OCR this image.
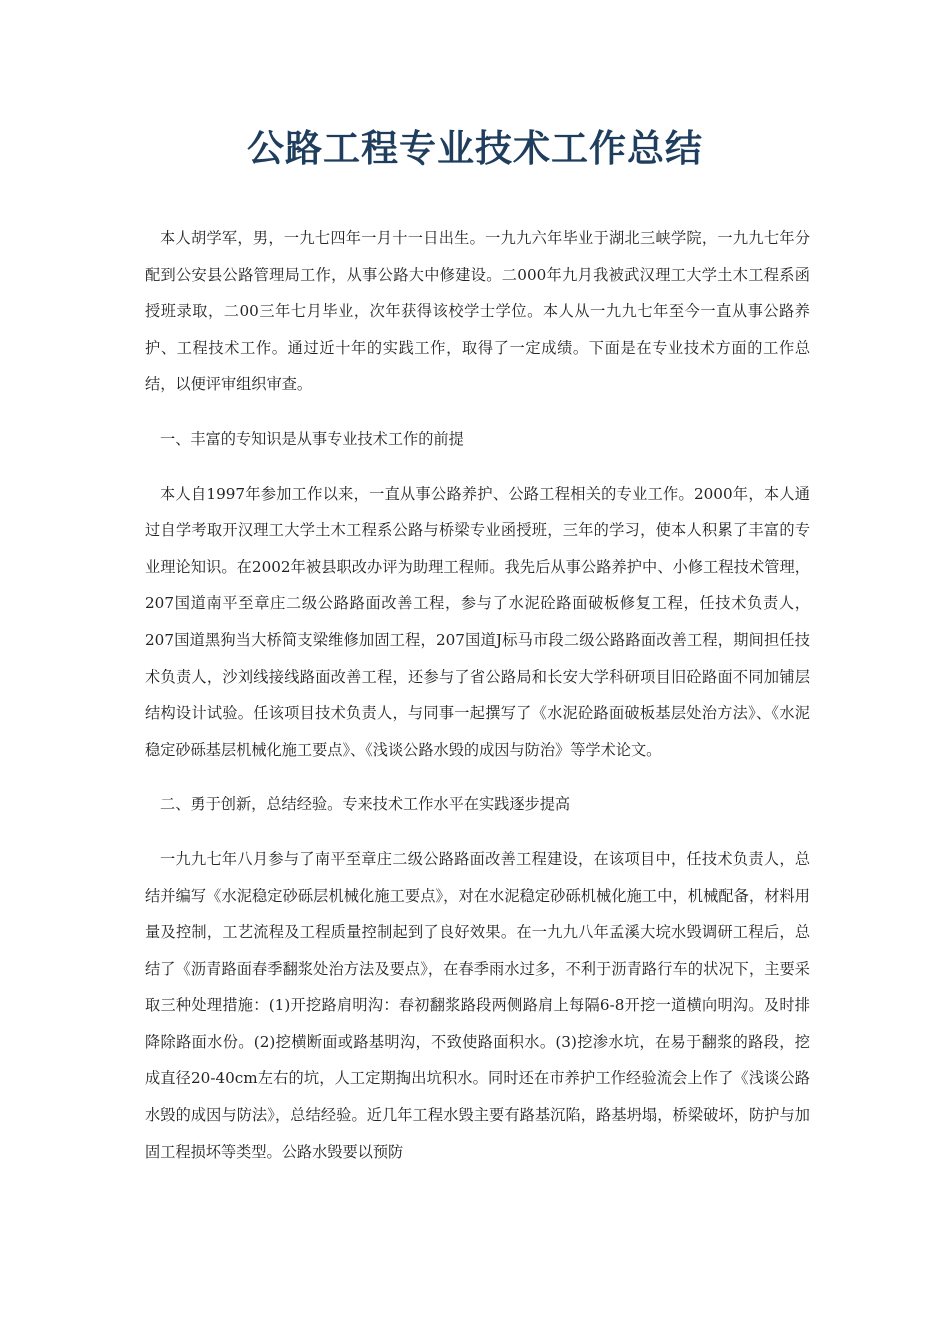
公路工程专业技术工作总结

本人胡学军，男，一九七四年一月十一日出生。一九九六年毕业于湖北三峡学院，一九九七年分配到公安县公路管理局工作，从事公路大中修建设。二000年九月我被武汉理工大学土木工程系函授班录取，二00三年七月毕业，次年获得该校学士学位。本人从一九九七年至今一直从事公路养护、工程技术工作。通过近十年的实践工作，取得了一定成绩。下面是在专业技术方面的工作总结，以便评审组织审查。

一、丰富的专知识是从事专业技术工作的前提

本人自1997年参加工作以来，一直从事公路养护、公路工程相关的专业工作。2000年，本人通过自学考取开汉理工大学土木工程系公路与桥梁专业函授班，三年的学习，使本人积累了丰富的专业理论知识。在2002年被县职改办评为助理工程师。我先后从事公路养护中、小修工程技术管理，207国道南平至章庄二级公路路面改善工程，参与了水泥砼路面破板修复工程，任技术负责人，207国道黑狗当大桥简支梁维修加固工程，207国道J标马市段二级公路路面改善工程，期间担任技术负责人，沙刘线接线路面改善工程，还参与了省公路局和长安大学科研项目旧砼路面不同加铺层结构设计试验。任该项目技术负责人，与同事一起撰写了《水泥砼路面破板基层处治方法》、《水泥稳定砂砾基层机械化施工要点》、《浅谈公路水毁的成因与防治》等学术论文。

二、勇于创新，总结经验。专来技术工作水平在实践逐步提高

一九九七年八月参与了南平至章庄二级公路路面改善工程建设，在该项目中，任技术负责人，总结并编写《水泥稳定砂砾层机械化施工要点》，对在水泥稳定砂砾机械化施工中，机械配备，材料用量及控制，工艺流程及工程质量控制起到了良好效果。在一九九八年孟溪大垸水毁调研工程后，总结了《沥青路面春季翻浆处治方法及要点》，在春季雨水过多，不利于沥青路行车的状况下，主要采取三种处理措施：(1)开挖路肩明沟：春初翻浆路段两侧路肩上每隔6-8开挖一道横向明沟。及时排降除路面水份。(2)挖横断面或路基明沟，不致使路面积水。(3)挖渗水坑，在易于翻浆的路段，挖成直径20-40cm左右的坑，人工定期掏出坑积水。同时还在市养护工作经验流会上作了《浅谈公路水毁的成因与防法》，总结经验。近几年工程水毁主要有路基沉陷，路基坍塌，桥梁破坏，防护与加固工程损坏等类型。公路水毁要以预防
